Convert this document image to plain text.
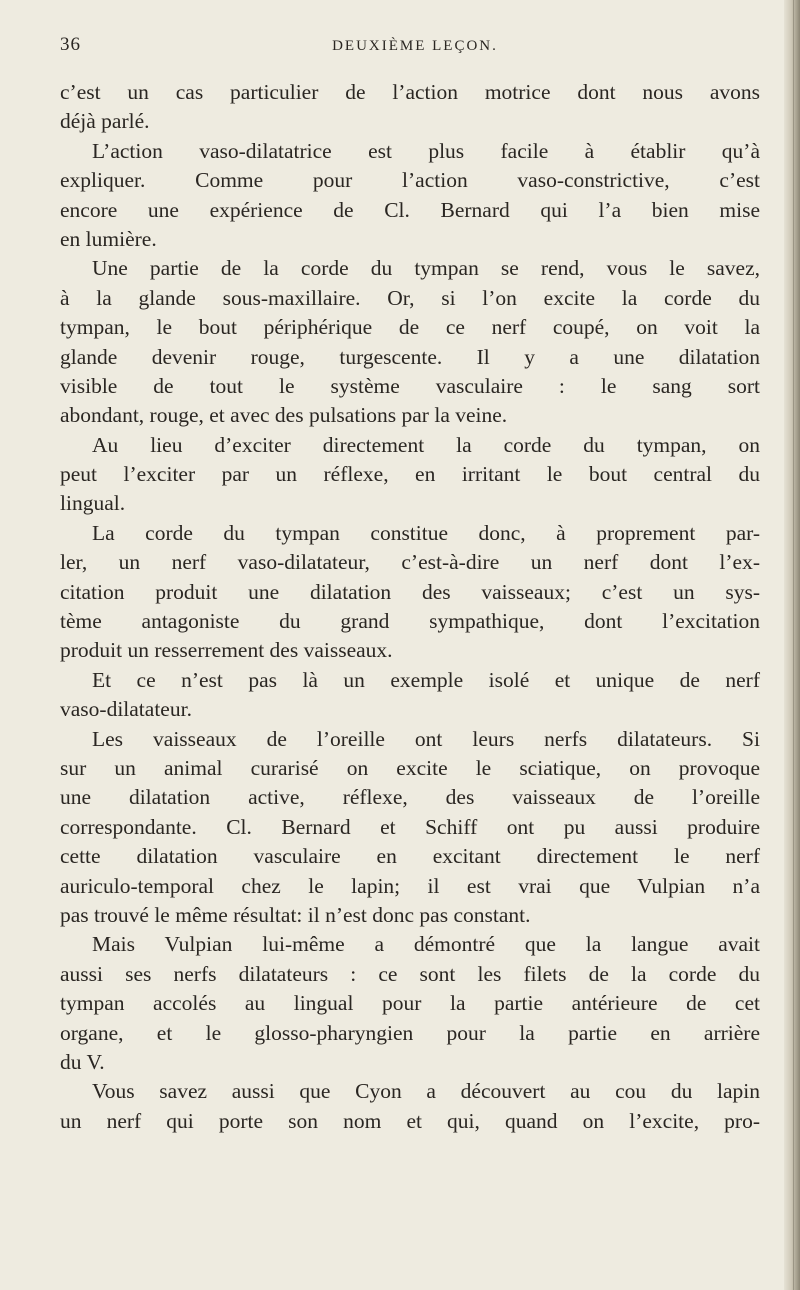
36	DEUXIÈME LEÇON.
c’est un cas particulier de l’action motrice dont nous avons
déjà parlé.
L’action vaso-dilatatrice est plus facile à établir qu’à
expliquer. Comme pour l’action vaso-constrictive, c’est
encore une expérience de Cl. Bernard qui l’a bien mise
en lumière.
Une partie de la corde du tympan se rend, vous le savez,
à la glande sous-maxillaire. Or, si l’on excite la corde du
tympan, le bout périphérique de ce nerf coupé, on voit la
glande devenir rouge, turgescente. Il y a une dilatation
visible de tout le système vasculaire : le sang sort
abondant, rouge, et avec des pulsations par la veine.
Au lieu d’exciter directement la corde du tympan, on
peut l’exciter par un réflexe, en irritant le bout central du
lingual.
La corde du tympan constitue donc, à proprement par-
ler, un nerf vaso-dilatateur, c’est-à-dire un nerf dont l’ex-
citation produit une dilatation des vaisseaux; c’est un sys-
tème antagoniste du grand sympathique, dont l’excitation
produit un resserrement des vaisseaux.
Et ce n’est pas là un exemple isolé et unique de nerf
vaso-dilatateur.
Les vaisseaux de l’oreille ont leurs nerfs dilatateurs. Si
sur un animal curarisé on excite le sciatique, on provoque
une dilatation active, réflexe, des vaisseaux de l’oreille
correspondante. Cl. Bernard et Schiff ont pu aussi produire
cette dilatation vasculaire en excitant directement le nerf
auriculo-temporal chez le lapin; il est vrai que Vulpian n’a
pas trouvé le même résultat: il n’est donc pas constant.
Mais Vulpian lui-même a démontré que la langue avait
aussi ses nerfs dilatateurs : ce sont les filets de la corde du
tympan accolés au lingual pour la partie antérieure de cet
organe, et le glosso-pharyngien pour la partie en arrière
du V.
Vous savez aussi que Cyon a découvert au cou du lapin
un nerf qui porte son nom et qui, quand on l’excite, pro-
